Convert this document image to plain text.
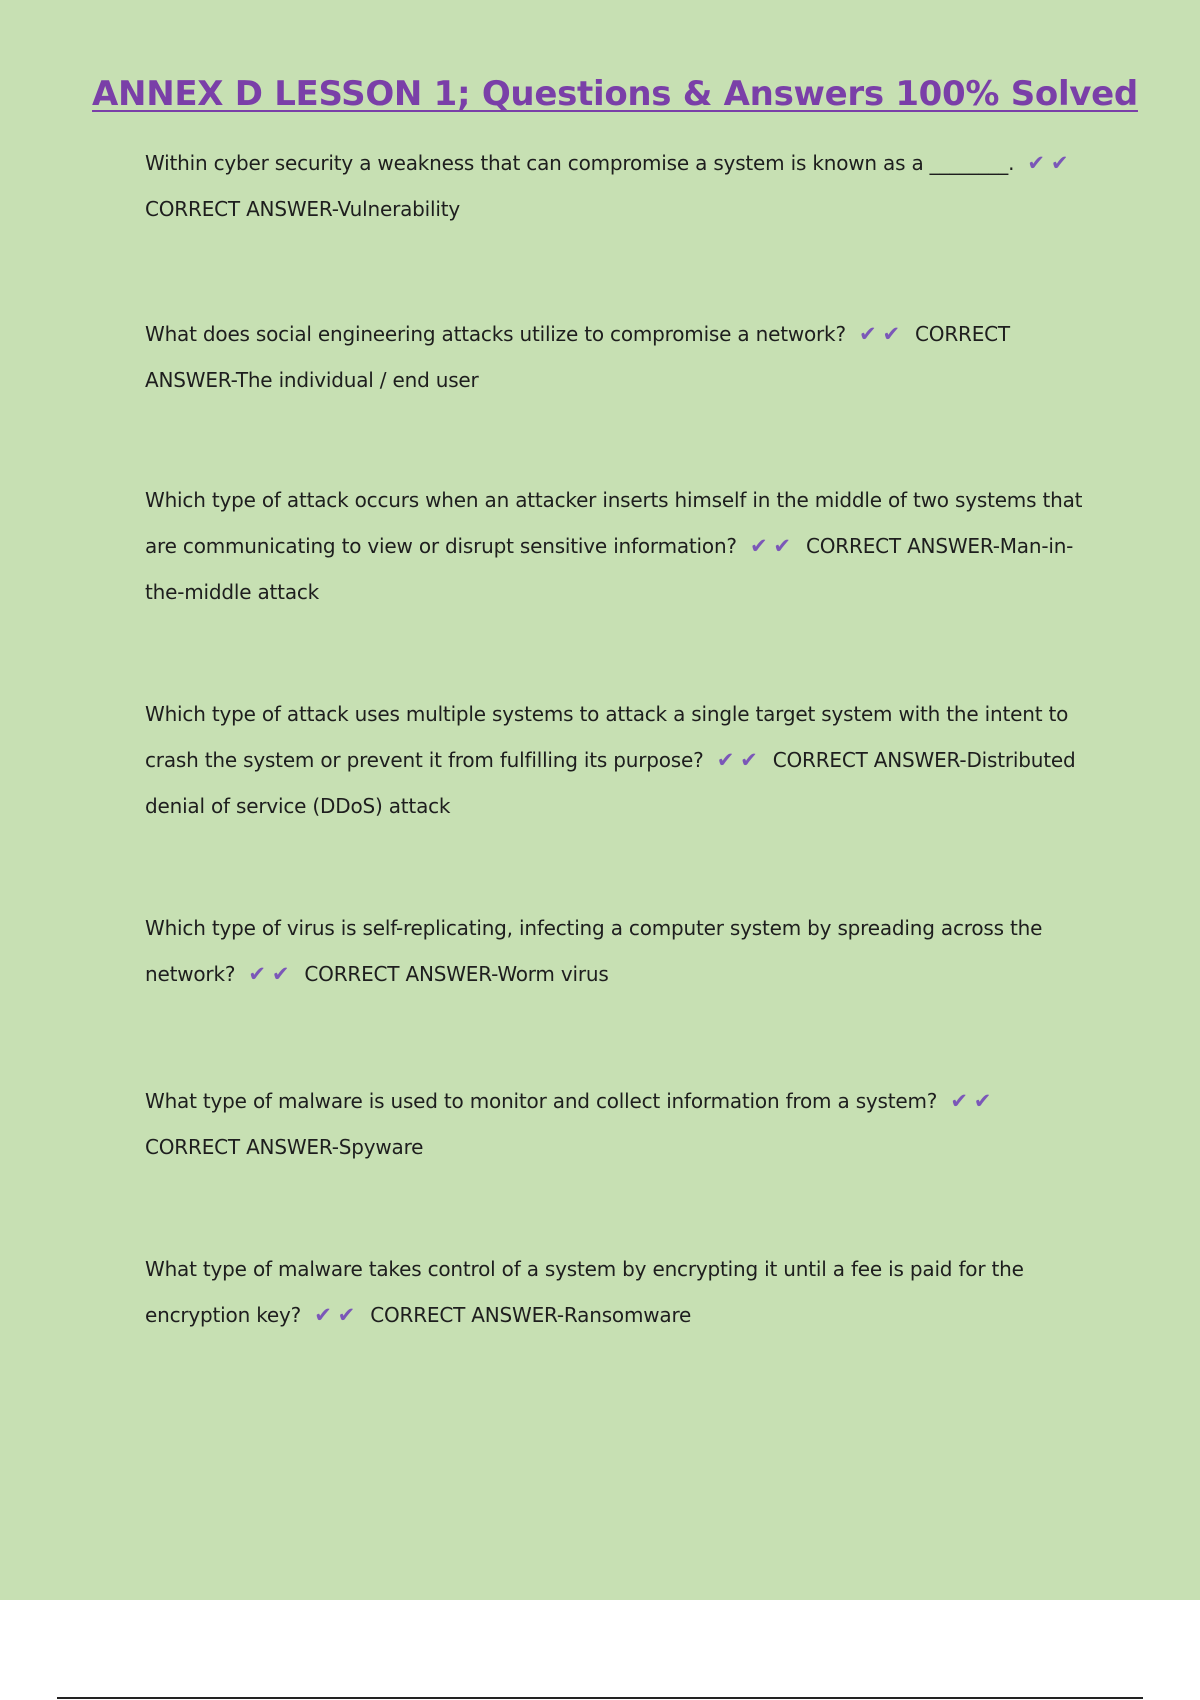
ANNEX D LESSON 1; Questions & Answers 100% Solved
Within cyber security a weakness that can compromise a system is known as a ________. ✔ ✔
CORRECT ANSWER-Vulnerability
What does social engineering attacks utilize to compromise a network? ✔ ✔ CORRECT ANSWER-The individual / end user
Which type of attack occurs when an attacker inserts himself in the middle of two systems that are communicating to view or disrupt sensitive information? ✔ ✔ CORRECT ANSWER-Man-in-the-middle attack
Which type of attack uses multiple systems to attack a single target system with the intent to crash the system or prevent it from fulfilling its purpose? ✔ ✔ CORRECT ANSWER-Distributed denial of service (DDoS) attack
Which type of virus is self-replicating, infecting a computer system by spreading across the network? ✔ ✔ CORRECT ANSWER-Worm virus
What type of malware is used to monitor and collect information from a system? ✔ ✔
CORRECT ANSWER-Spyware
What type of malware takes control of a system by encrypting it until a fee is paid for the encryption key? ✔ ✔ CORRECT ANSWER-Ransomware
